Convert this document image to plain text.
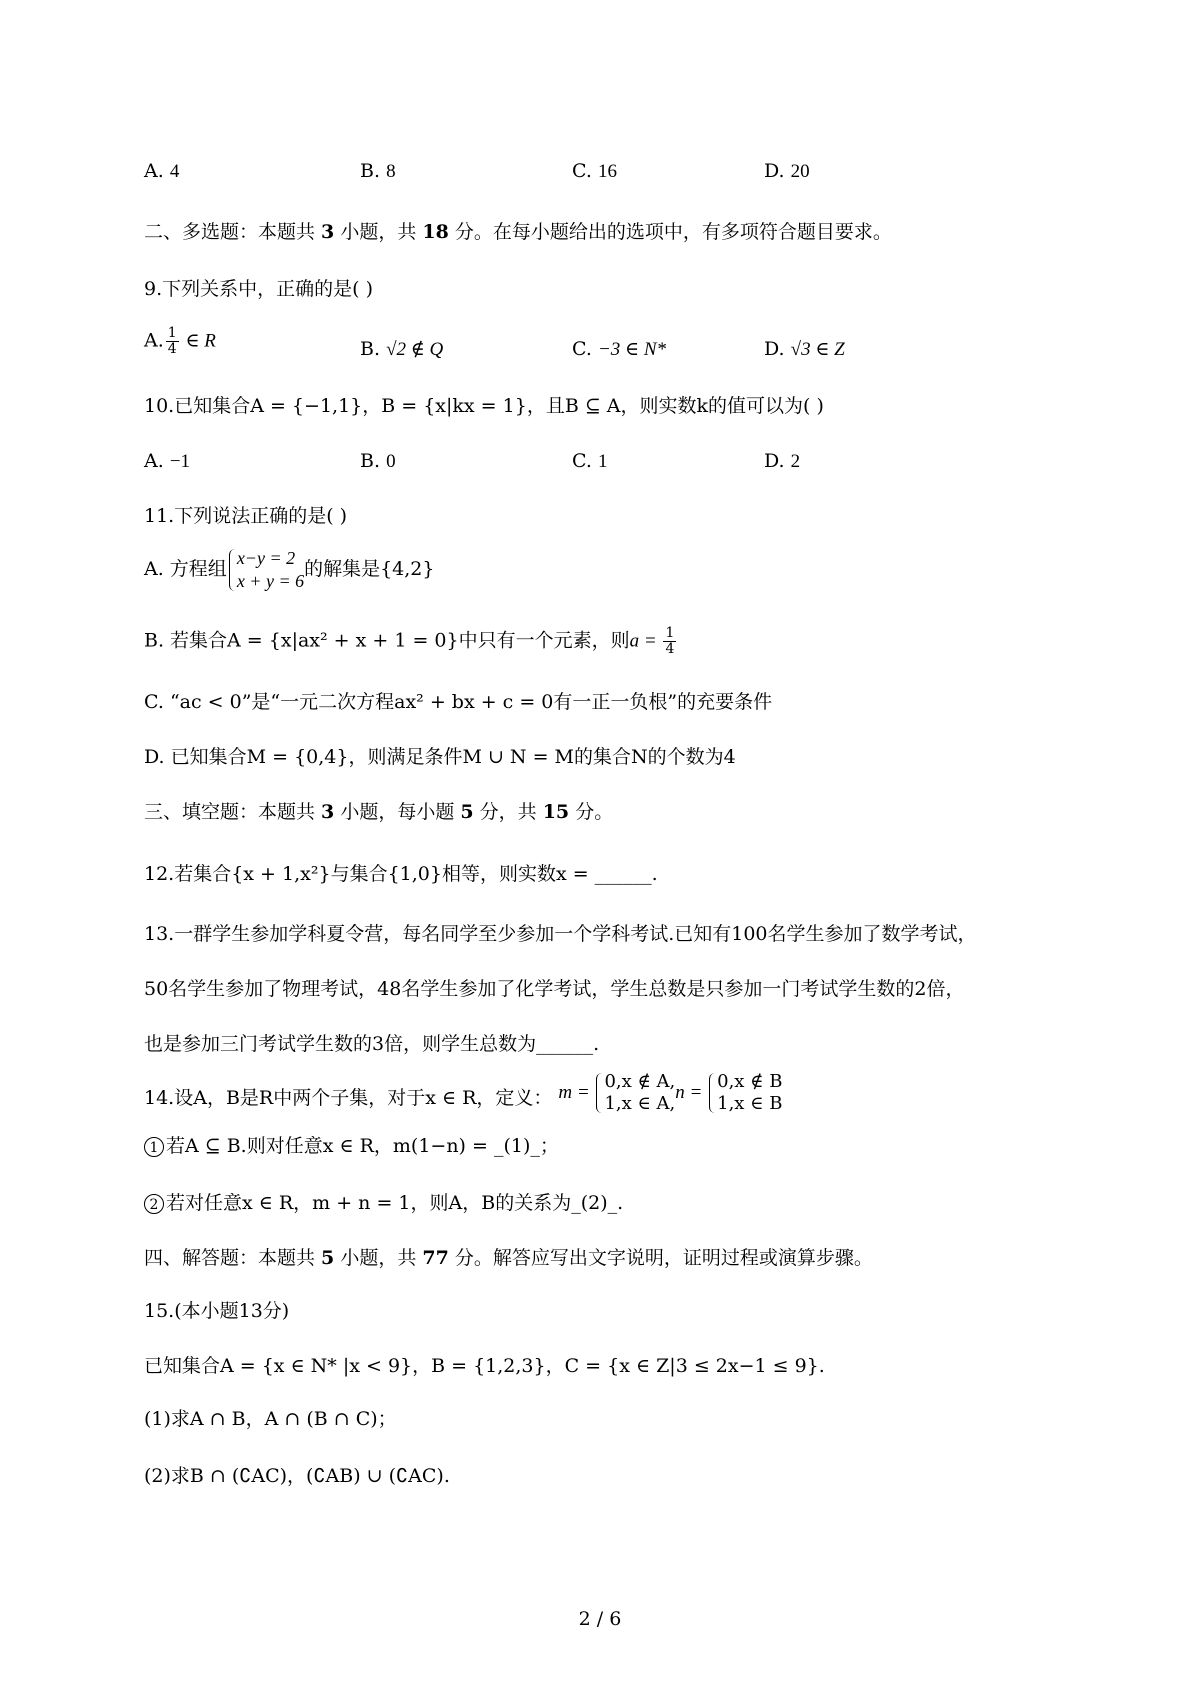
A. 4	B. 8	C. 16	D. 20
二、多选题：本题共 3 小题，共 18 分。在每小题给出的选项中，有多项符合题目要求。
9.下列关系中，正确的是( )
A. $\frac{1}{4}$ ∈ R	B. √2 ∉ Q	C. −3 ∈ N*	D. √3 ∈ Z
10.已知集合A = {−1,1}，B = {x|kx = 1}，且B ⊆ A，则实数k的值可以为( )
A. −1	B. 0	C. 1	D. 2
11.下列说法正确的是( )
A. 方程组 x−y = 2
x + y = 6
的解集是{4,2}
B. 若集合A = {x|ax² + x + 1 = 0}中只有一个元素，则$a = \frac{1}{4}$
C. “ac < 0”是“一元二次方程ax² + bx + c = 0有一正一负根”的充要条件
D. 已知集合M = {0,4}，则满足条件M ∪ N = M的集合N的个数为4
三、填空题：本题共 3 小题，每小题 5 分，共 15 分。
12.若集合{x + 1,x²}与集合{1,0}相等，则实数x = ______.
13.一群学生参加学科夏令营，每名同学至少参加一个学科考试.已知有100名学生参加了数学考试，
50名学生参加了物理考试，48名学生参加了化学考试，学生总数是只参加一门考试学生数的2倍，
也是参加三门考试学生数的3倍，则学生总数为______.
14.设A，B是R中两个子集，对于x ∈ R，定义： m =
0,x ∉ A,
1,x ∈ A,
n =
0,x ∉ B
1,x ∈ B
1 若A ⊆ B.则对任意x ∈ R，m(1−n) = _(1)_；
2 若对任意x ∈ R，m + n = 1，则A，B的关系为_(2)_.
四、解答题：本题共 5 小题，共 77 分。解答应写出文字说明，证明过程或演算步骤。
15.(本小题13分)
已知集合A = {x ∈ N* |x < 9}，B = {1,2,3}，C = {x ∈ Z|3 ≤ 2x−1 ≤ 9}.
(1)求A ∩ B，A ∩ (B ∩ C)；
(2)求B ∩ (∁AC)，(∁AB) ∪ (∁AC).
2 / 6
